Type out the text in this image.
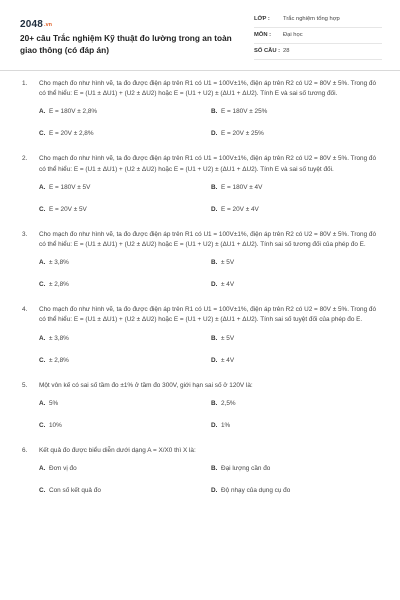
2048.vn
20+ câu Trắc nghiệm Kỹ thuật đo lường trong an toàn giao thông (có đáp án)
LỚP : Trắc nghiệm tổng hợp
MÔN : Đại học
SỐ CÂU : 28
1. Cho mạch đo như hình vẽ, ta đo được điện áp trên R1 có U1 = 100V±1%, điện áp trên R2 có U2 = 80V ± 5%. Trong đó có thể hiểu: E = (U1 ± ΔU1) + (U2 ± ΔU2) hoặc E = (U1 + U2) ± (ΔU1 + ΔU2). Tính E và sai số tương đối.
A. E = 180V ± 2,8%	B. E = 180V ± 25%
C. E = 20V ± 2,8%	D. E = 20V ± 25%
2. Cho mạch đo như hình vẽ, ta đo được điện áp trên R1 có U1 = 100V±1%, điện áp trên R2 có U2 = 80V ± 5%. Trong đó có thể hiểu: E = (U1 ± ΔU1) + (U2 ± ΔU2) hoặc E = (U1 + U2) ± (ΔU1 + ΔU2). Tính E và sai số tuyệt đối.
A. E = 180V ± 5V	B. E = 180V ± 4V
C. E = 20V ± 5V	D. E = 20V ± 4V
3. Cho mạch đo như hình vẽ, ta đo được điện áp trên R1 có U1 = 100V±1%, điện áp trên R2 có U2 = 80V ± 5%. Trong đó có thể hiểu: E = (U1 ± ΔU1) + (U2 ± ΔU2) hoặc E = (U1 + U2) ± (ΔU1 + ΔU2). Tính sai số tương đối của phép đo E.
A. ± 3,8%	B. ± 5V
C. ± 2,8%	D. ± 4V
4. Cho mạch đo như hình vẽ, ta đo được điện áp trên R1 có U1 = 100V±1%, điện áp trên R2 có U2 = 80V ± 5%. Trong đó có thể hiểu: E = (U1 ± ΔU1) + (U2 ± ΔU2) hoặc E = (U1 + U2) ± (ΔU1 + ΔU2). Tính sai số tuyệt đối của phép đo E.
A. ± 3,8%	B. ± 5V
C. ± 2,8%	D. ± 4V
5. Một vôn kế có sai số tầm đo ±1% ở tầm đo 300V, giới hạn sai số ở 120V là:
A. 5%	B. 2,5%
C. 10%	D. 1%
6. Kết quả đo được biểu diễn dưới dạng A = X/X0 thì X là:
A. Đơn vị đo	B. Đại lượng cần đo
C. Con số kết quả đo	D. Độ nhạy của dụng cụ đo
